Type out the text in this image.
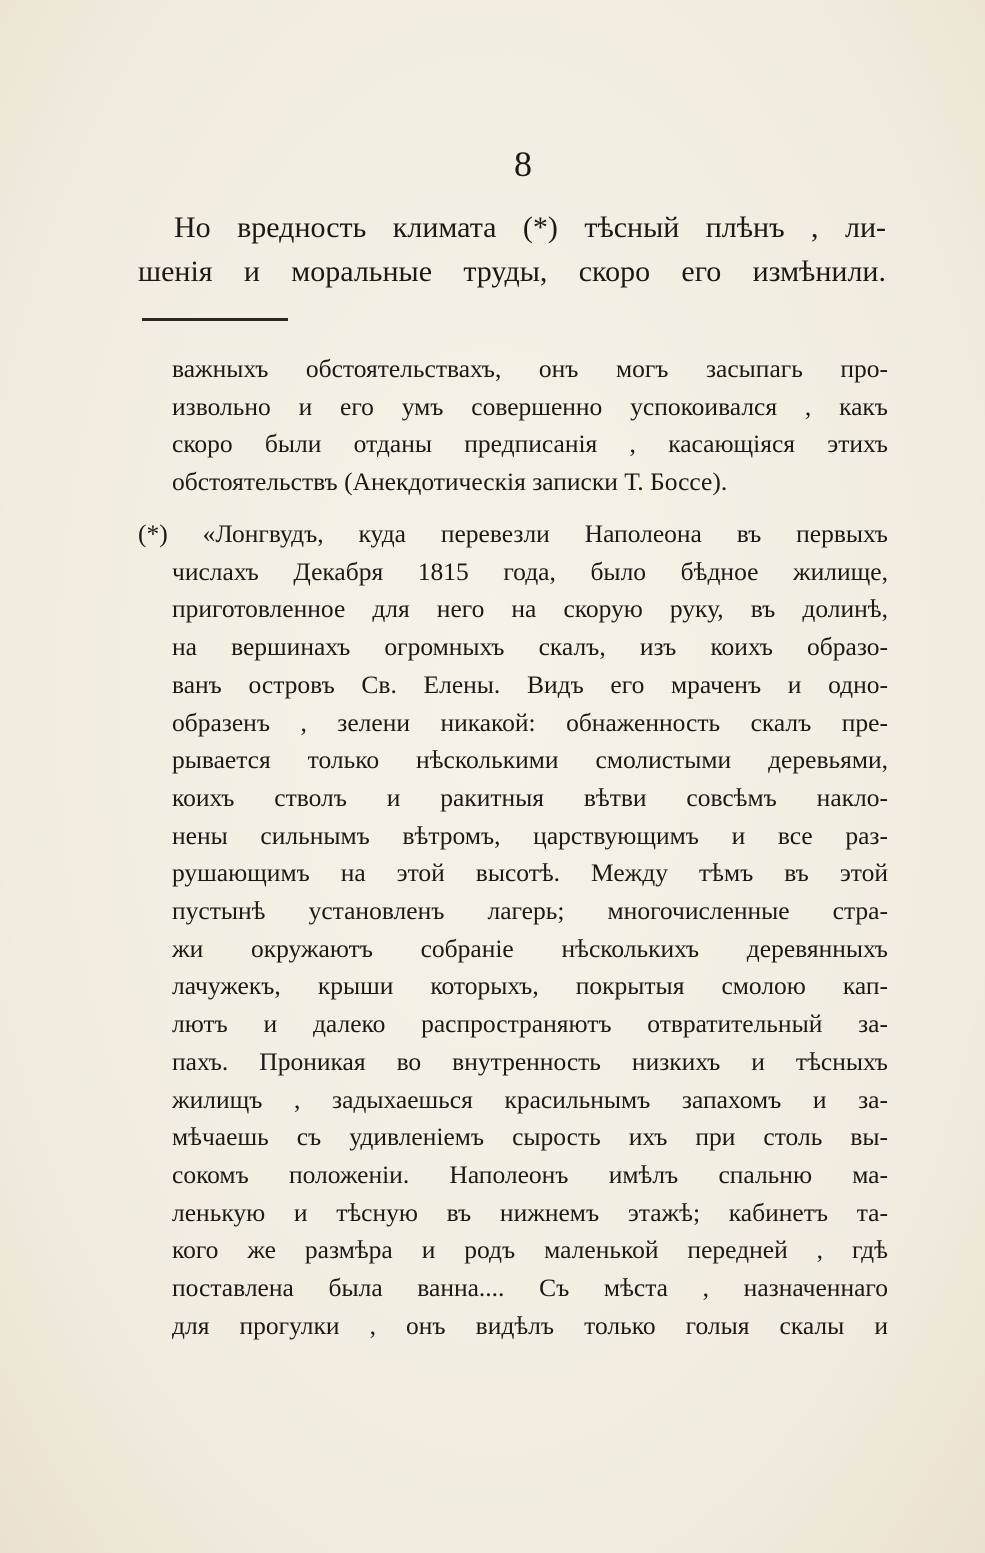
8
Но вредность климата (*) тѣсный плѣнъ , ли-
шенія и моральные труды, скоро его измѣнили.
важныхъ обстоятельствахъ, онъ могъ засыпагь про-
извольно и его умъ совершенно успокоивался , какъ
скоро были отданы предписанія , касающіяся этихъ
обстоятельствъ (Анекдотическія записки Т. Боссе).
(*) «Лонгвудъ, куда перевезли Наполеона въ первыхъ
числахъ Декабря 1815 года, было бѣдное жилище,
приготовленное для него на скорую руку, въ долинѣ,
на вершинахъ огромныхъ скалъ, изъ коихъ образо-
ванъ островъ Св. Елены. Видъ его мраченъ и одно-
образенъ , зелени никакой: обнаженность скалъ пре-
рывается только нѣсколькими смолистыми деревьями,
коихъ стволъ и ракитныя вѣтви совсѣмъ накло-
нены сильнымъ вѣтромъ, царствующимъ и все раз-
рушающимъ на этой высотѣ. Между тѣмъ въ этой
пустынѣ установленъ лагерь; многочисленные стра-
жи окружаютъ собраніе нѣсколькихъ деревянныхъ
лачужекъ, крыши которыхъ, покрытыя смолою кап-
лютъ и далеко распространяютъ отвратительный за-
пахъ. Проникая во внутренность низкихъ и тѣсныхъ
жилищъ , задыхаешься красильнымъ запахомъ и за-
мѣчаешь съ удивленіемъ сырость ихъ при столь вы-
сокомъ положеніи. Наполеонъ имѣлъ спальню ма-
ленькую и тѣсную въ нижнемъ этажѣ; кабинетъ та-
кого же размѣра и родъ маленькой передней , гдѣ
поставлена была ванна.... Съ мѣста , назначеннаго
для прогулки , онъ видѣлъ только голыя скалы и
